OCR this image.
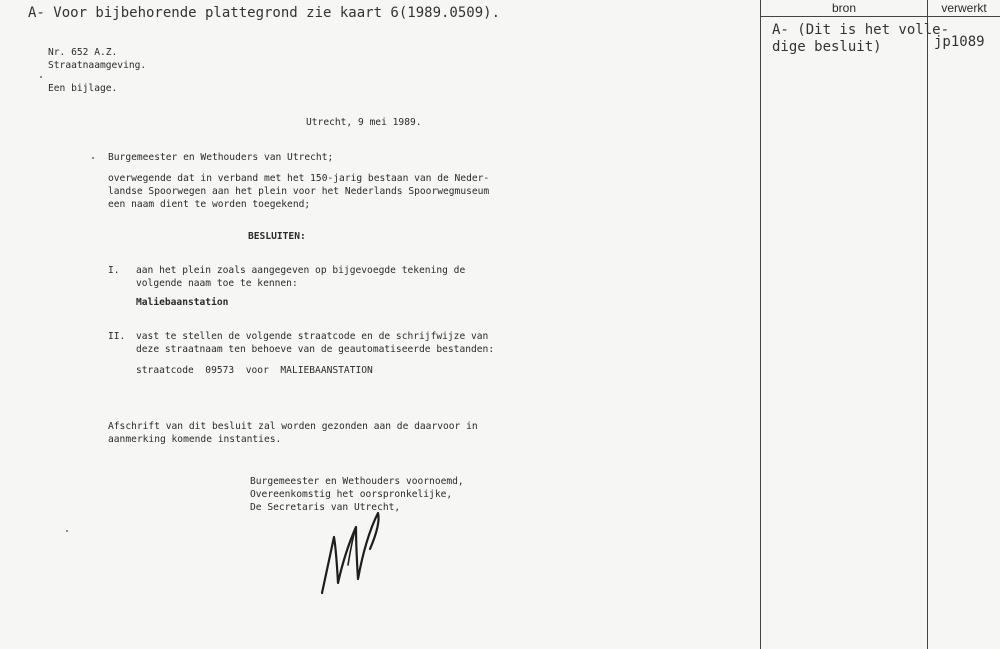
A- Voor bijbehorende plattegrond zie kaart 6(1989.0509).
Nr. 652 A.Z.
Straatnaamgeving.
Een bijlage.
Utrecht, 9 mei 1989.
Burgemeester en Wethouders van Utrecht;
overwegende dat in verband met het 150-jarig bestaan van de Neder-
landse Spoorwegen aan het plein voor het Nederlands Spoorwegmuseum
een naam dient te worden toegekend;
BESLUITEN:
I. aan het plein zoals aangegeven op bijgevoegde tekening de
volgende naam toe te kennen:
Maliebaanstation
II. vast te stellen de volgende straatcode en de schrijfwijze van
deze straatnaam ten behoeve van de geautomatiseerde bestanden:
straatcode  09573  voor  MALIEBAANSTATION
Afschrift van dit besluit zal worden gezonden aan de daarvoor in
aanmerking komende instanties.
Burgemeester en Wethouders voornoemd,
Overeenkomstig het oorspronkelijke,
De Secretaris van Utrecht,
bron	verwerkt
A- (Dit is het volle-
dige besluit)	jp1089
